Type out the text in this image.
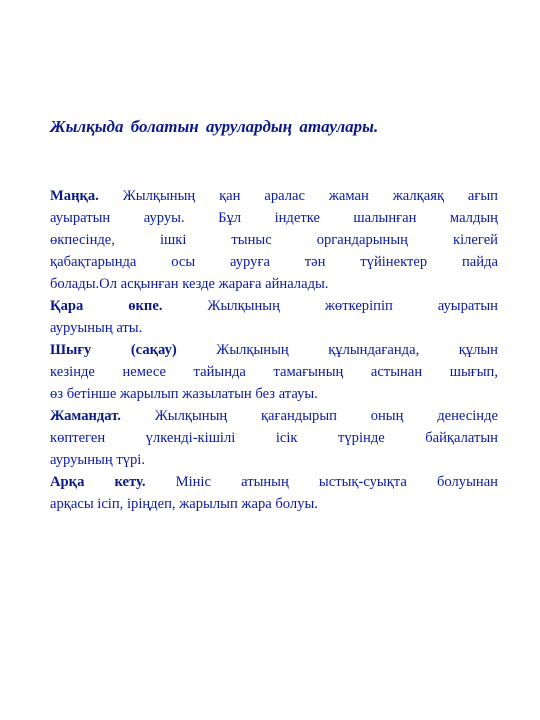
Жылқыда болатын аурулардың атаулары.
Маңқа. Жылқының қан аралас жаман жалқаяқ ағып
ауыратын ауруы. Бұл індетке шалынған малдың
өкпесінде, ішкі тыныс органдарының кілегей
қабақтарында осы ауруға тән түйінектер пайда
болады.Ол асқынған кезде жараға айналады.
Қара өкпе. Жылқының жөткеріпіп ауыратын
ауруының аты.
Шығу (сақау) Жылқының құлындағанда, құлын
кезінде немесе тайында тамағының астынан шығып,
өз бетінше жарылып жазылатын без атауы.
Жамандат. Жылқының қағандырып оның денесінде
көптеген үлкенді-кішілі ісік түрінде байқалатын
ауруының түрі.
Арқа кету. Мініс атының ыстық-суықта болуынан
арқасы ісіп, іріңдеп, жарылып жара болуы.
